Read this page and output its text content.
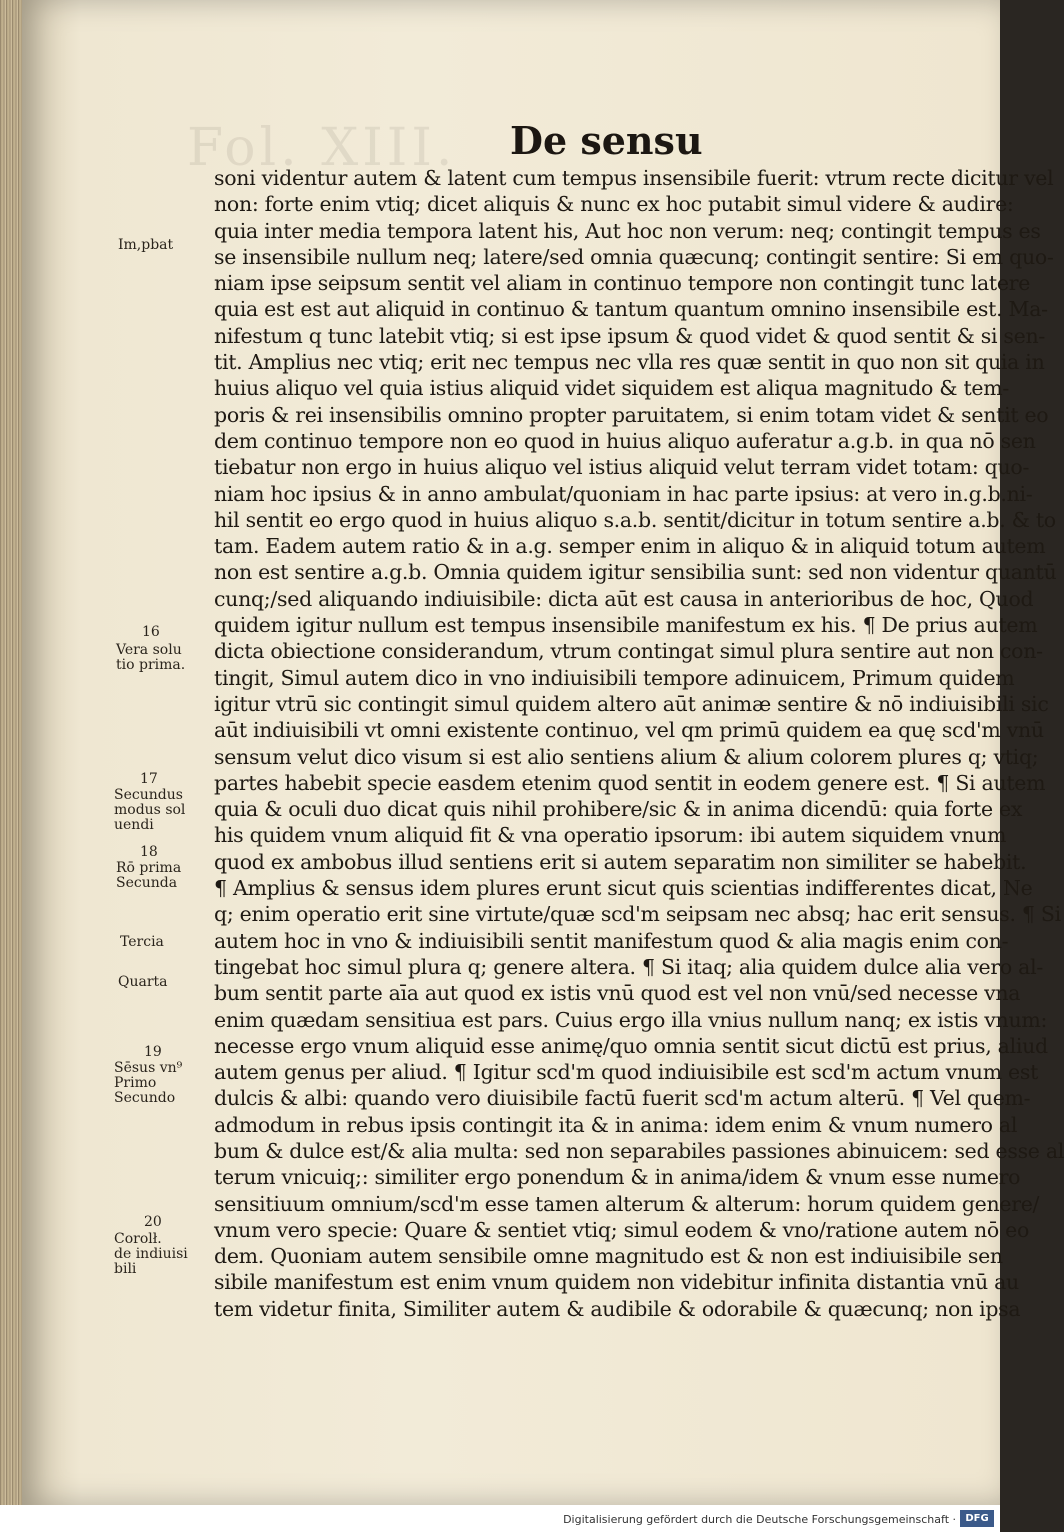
Fol. XIII. De sensu
soni videntur autem & latent cum tempus insensibile fuerit: vtrum recte dicitur vel
non: forte enim vtiq; dicet aliquis & nunc ex hoc putabit simul videre & audire:
quia inter media tempora latent his, Aut hoc non verum: neq; contingit tempus es
se insensibile nullum neq; latere/sed omnia quæcunq; contingit sentire: Si em quo-
niam ipse seipsum sentit vel aliam in continuo tempore non contingit tunc latere
quia est est aut aliquid in continuo & tantum quantum omnino insensibile est. Ma-
nifestum q tunc latebit vtiq; si est ipse ipsum & quod videt & quod sentit & si sen-
tit. Amplius nec vtiq; erit nec tempus nec vlla res quæ sentit in quo non sit quia in
huius aliquo vel quia istius aliquid videt siquidem est aliqua magnitudo & tem-
poris & rei insensibilis omnino propter paruitatem, si enim totam videt & sentit eo
dem continuo tempore non eo quod in huius aliquo auferatur a.g.b. in qua nō sen
tiebatur non ergo in huius aliquo vel istius aliquid velut terram videt totam: quo-
niam hoc ipsius & in anno ambulat/quoniam in hac parte ipsius: at vero in.g.b.ni-
hil sentit eo ergo quod in huius aliquo s.a.b. sentit/dicitur in totum sentire a.b. & to
tam. Eadem autem ratio & in a.g. semper enim in aliquo & in aliquid totum autem
non est sentire a.g.b. Omnia quidem igitur sensibilia sunt: sed non videntur quantū
cunq;/sed aliquando indiuisibile: dicta aūt est causa in anterioribus de hoc, Quod
quidem igitur nullum est tempus insensibile manifestum ex his. ¶ De prius autem
dicta obiectione considerandum, vtrum contingat simul plura sentire aut non con-
tingit, Simul autem dico in vno indiuisibili tempore adinuicem, Primum quidem
igitur vtrū sic contingit simul quidem altero aūt animæ sentire & nō indiuisibili sic
aūt indiuisibili vt omni existente continuo, vel qm primū quidem ea quę scd'm vnū
sensum velut dico visum si est alio sentiens alium & alium colorem plures q; vtiq;
partes habebit specie easdem etenim quod sentit in eodem genere est. ¶ Si autem
quia & oculi duo dicat quis nihil prohibere/sic & in anima dicendū: quia forte ex
his quidem vnum aliquid fit & vna operatio ipsorum: ibi autem siquidem vnum
quod ex ambobus illud sentiens erit si autem separatim non similiter se habebit.
¶ Amplius & sensus idem plures erunt sicut quis scientias indifferentes dicat, Ne
q; enim operatio erit sine virtute/quæ scd'm seipsam nec absq; hac erit sensus. ¶ Si
autem hoc in vno & indiuisibili sentit manifestum quod & alia magis enim con-
tingebat hoc simul plura q; genere altera. ¶ Si itaq; alia quidem dulce alia vero al-
bum sentit parte aīa aut quod ex istis vnū quod est vel non vnū/sed necesse vna
enim quædam sensitiua est pars. Cuius ergo illa vnius nullum nanq; ex istis vnum:
necesse ergo vnum aliquid esse animę/quo omnia sentit sicut dictū est prius, aliud
autem genus per aliud. ¶ Igitur scd'm quod indiuisibile est scd'm actum vnum est
dulcis & albi: quando vero diuisibile factū fuerit scd'm actum alterū. ¶ Vel quem-
admodum in rebus ipsis contingit ita & in anima: idem enim & vnum numero al
bum & dulce est/& alia multa: sed non separabiles passiones abinuicem: sed esse al
terum vnicuiq;: similiter ergo ponendum & in anima/idem & vnum esse numero
sensitiuum omnium/scd'm esse tamen alterum & alterum: horum quidem genere/
vnum vero specie: Quare & sentiet vtiq; simul eodem & vno/ratione autem nō eo
dem. Quoniam autem sensibile omne magnitudo est & non est indiuisibile sen
sibile manifestum est enim vnum quidem non videbitur infinita distantia vnū au
tem videtur finita, Similiter autem & audibile & odorabile & quæcunq; non ipsa
Im,pbat
16
Vera solu
tio prima.
17
Secundus
modus sol
uendi
18
Rō prima
Secunda
Tercia
Quarta
19
Sēsus vn⁹
Primo
Secundo
20
Corolł.
de indiuisi
bili
Digitalisierung gefördert durch die Deutsche Forschungsgemeinschaft · DFG
